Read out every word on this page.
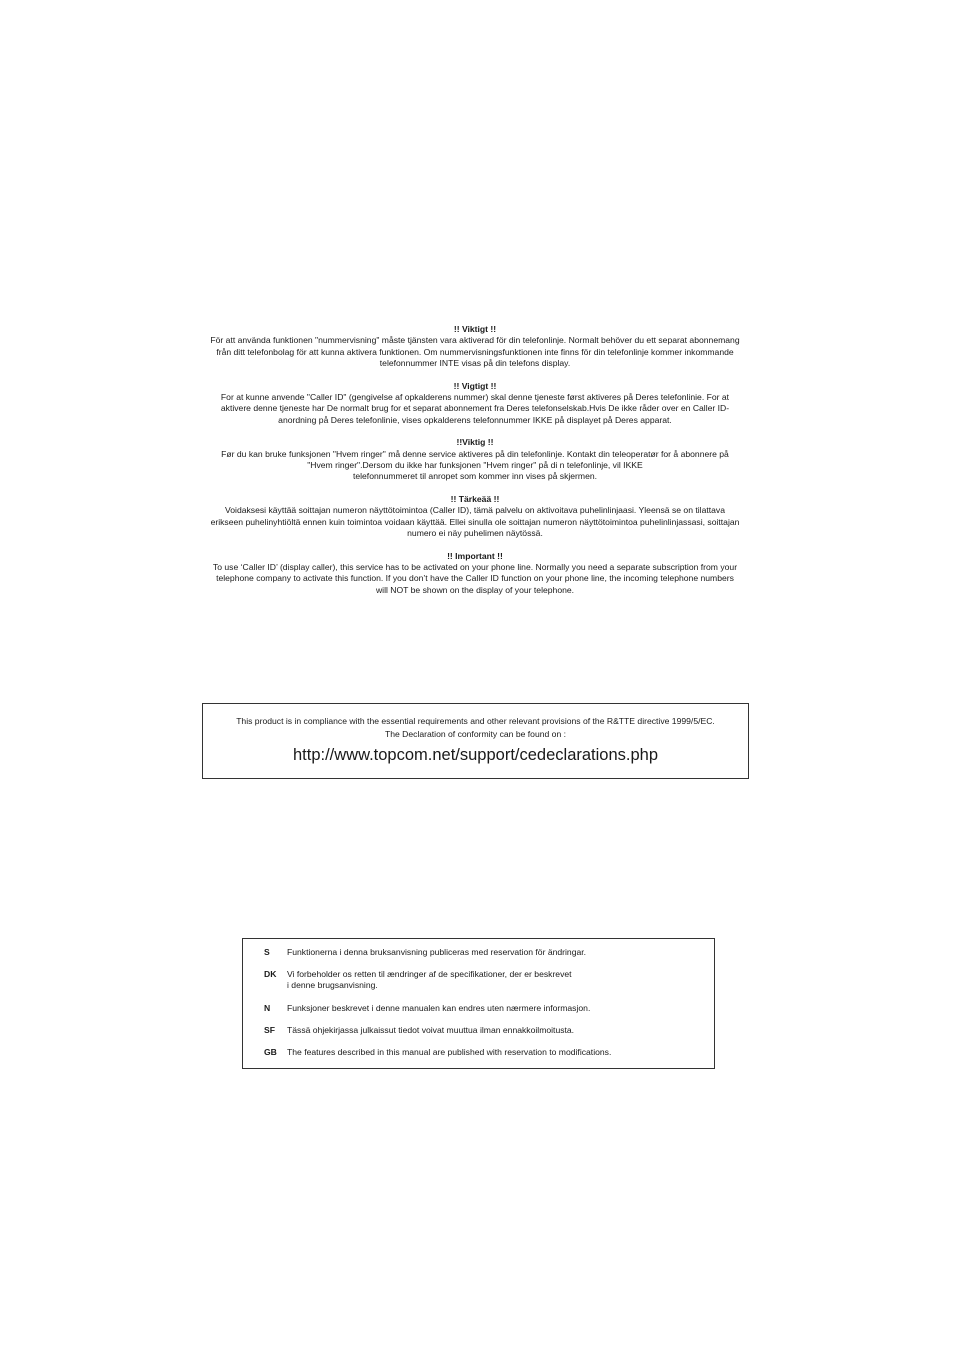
!! Viktigt !!
För att använda funktionen "nummervisning" måste tjänsten vara aktiverad för din telefonlinje. Normalt behöver du ett separat abonnemang
från ditt telefonbolag för att kunna aktivera funktionen. Om nummervisningsfunktionen inte finns för din telefonlinje kommer inkommande
telefonnummer INTE visas på din telefons display.
!! Vigtigt !!
For at kunne anvende "Caller ID" (gengivelse af opkalderens nummer) skal denne tjeneste først aktiveres på Deres telefonlinie. For at
aktivere denne tjeneste har De normalt brug for et separat abonnement fra Deres telefonselskab.Hvis De ikke råder over en Caller ID-
anordning på Deres telefonlinie, vises opkalderens telefonnummer IKKE på displayet på Deres apparat.
!!Viktig !!
Før du kan bruke funksjonen "Hvem ringer" må denne service aktiveres på din telefonlinje. Kontakt din teleoperatør for å abonnere på
"Hvem ringer".Dersom du ikke har funksjonen "Hvem ringer" på di n telefonlinje, vil IKKE
telefonnummeret til anropet som kommer inn vises på skjermen.
!! Tärkeää !!
Voidaksesi käyttää soittajan numeron näyttötoimintoa (Caller ID), tämä palvelu on aktivoitava puhelinlinjaasi. Yleensä se on tilattava
erikseen puhelinyhtiöltä ennen kuin toimintoa voidaan käyttää. Ellei sinulla ole soittajan numeron näyttötoimintoa puhelinlinjassasi, soittajan
numero ei näy puhelimen näytössä.
!! Important !!
To use ‘Caller ID’ (display caller), this service has to be activated on your phone line. Normally you need a separate subscription from your
telephone company to activate this function. If you don’t have the Caller ID function on your phone line, the incoming telephone numbers
will NOT be shown on the display of your telephone.
This product is in compliance with the essential requirements and other relevant provisions of the R&TTE directive 1999/5/EC.
The Declaration of conformity can be found on :
http://www.topcom.net/support/cedeclarations.php
S Funktionerna i denna bruksanvisning publiceras med reservation för ändringar.
DK Vi forbeholder os retten til ændringer af de specifikationer, der er beskrevet
i denne brugsanvisning.
N Funksjoner beskrevet i denne manualen kan endres uten nærmere informasjon.
SF Tässä ohjekirjassa julkaissut tiedot voivat muuttua ilman ennakkoilmoitusta.
GB The features described in this manual are published with reservation to modifications.
